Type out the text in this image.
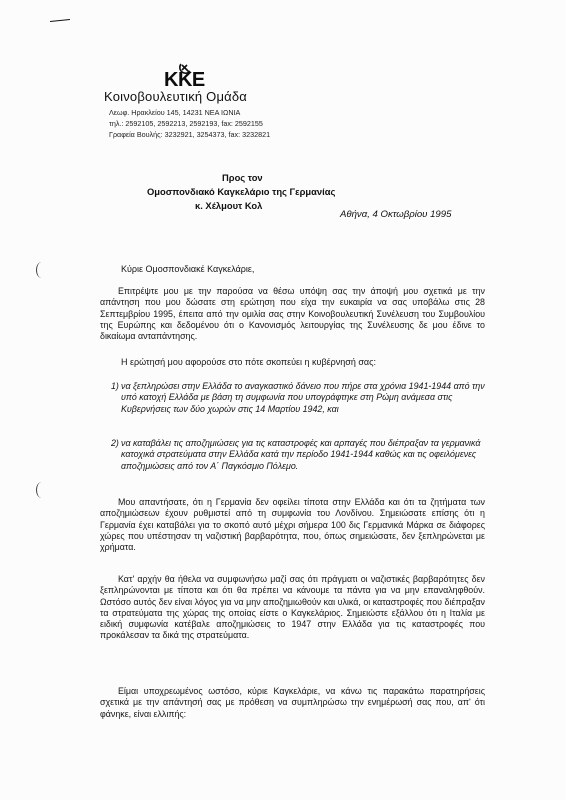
ΚΚΕ
Κοινοβουλευτική Ομάδα
Λεωφ. Ηρακλείου 145, 14231 ΝΕΑ ΙΩΝΙΑ
τηλ.: 2592105, 2592213, 2592193, fax: 2592155
Γραφεία Βουλής: 3232921, 3254373, fax: 3232821
Προς τον
Ομοσπονδιακό Καγκελάριο της Γερμανίας
κ. Χέλμουτ Κολ
Αθήνα, 4 Οκτωβρίου 1995
Κύριε Ομοσπονδιακέ Καγκελάριε,

Επιτρέψτε μου με την παρούσα να θέσω υπόψη σας την άποψή μου σχετικά με την απάντηση που μου δώσατε στη ερώτηση που είχα την ευκαιρία να σας υποβάλω στις 28 Σεπτεμβρίου 1995, έπειτα από την ομιλία σας στην Κοινοβουλευτική Συνέλευση του Συμβουλίου της Ευρώπης και δεδομένου ότι ο Κανονισμός λειτουργίας της Συνέλευσης δε μου έδινε το δικαίωμα ανταπάντησης.

Η ερώτησή μου αφορούσε στο πότε σκοπεύει η κυβέρνησή σας:
1) να ξεπληρώσει στην Ελλάδα το αναγκαστικό δάνειο που πήρε στα χρόνια 1941-1944 από την υπό κατοχή Ελλάδα με βάση τη συμφωνία που υπογράφτηκε στη Ρώμη ανάμεσα στις Κυβερνήσεις των δύο χωρών στις 14 Μαρτίου 1942, και
2) να καταβάλει τις αποζημιώσεις για τις καταστροφές και αρπαγές που διέπραξαν τα γερμανικά κατοχικά στρατεύματα στην Ελλάδα κατά την περίοδο 1941-1944 καθώς και τις οφειλόμενες αποζημιώσεις από τον Α΄ Παγκόσμιο Πόλεμο.

Μου απαντήσατε, ότι η Γερμανία δεν οφείλει τίποτα στην Ελλάδα και ότι τα ζητήματα των αποζημιώσεων έχουν ρυθμιστεί από τη συμφωνία του Λονδίνου. Σημειώσατε επίσης ότι η Γερμανία έχει καταβάλει για το σκοπό αυτό μέχρι σήμερα 100 δις Γερμανικά Μάρκα σε διάφορες χώρες που υπέστησαν τη ναζιστική βαρβαρότητα, που, όπως σημειώσατε, δεν ξεπληρώνεται με χρήματα.

Κατ' αρχήν θα ήθελα να συμφωνήσω μαζί σας ότι πράγματι οι ναζιστικές βαρβαρότητες δεν ξεπληρώνονται με τίποτα και ότι θα πρέπει να κάνουμε τα πάντα για να μην επαναληφθούν. Ωστόσο αυτός δεν είναι λόγος για να μην αποζημιωθούν και υλικά, οι καταστροφές που διέπραξαν τα στρατεύματα της χώρας της οποίας είστε ο Καγκελάριος. Σημειώστε εξάλλου ότι η Ιταλία με ειδική συμφωνία κατέβαλε αποζημιώσεις το 1947 στην Ελλάδα για τις καταστροφές που προκάλεσαν τα δικά της στρατεύματα.

Είμαι υποχρεωμένος ωστόσο, κύριε Καγκελάριε, να κάνω τις παρακάτω παρατηρήσεις σχετικά με την απάντησή σας με πρόθεση να συμπληρώσω την ενημέρωσή σας που, απ' ότι φάνηκε, είναι ελλιπής:
